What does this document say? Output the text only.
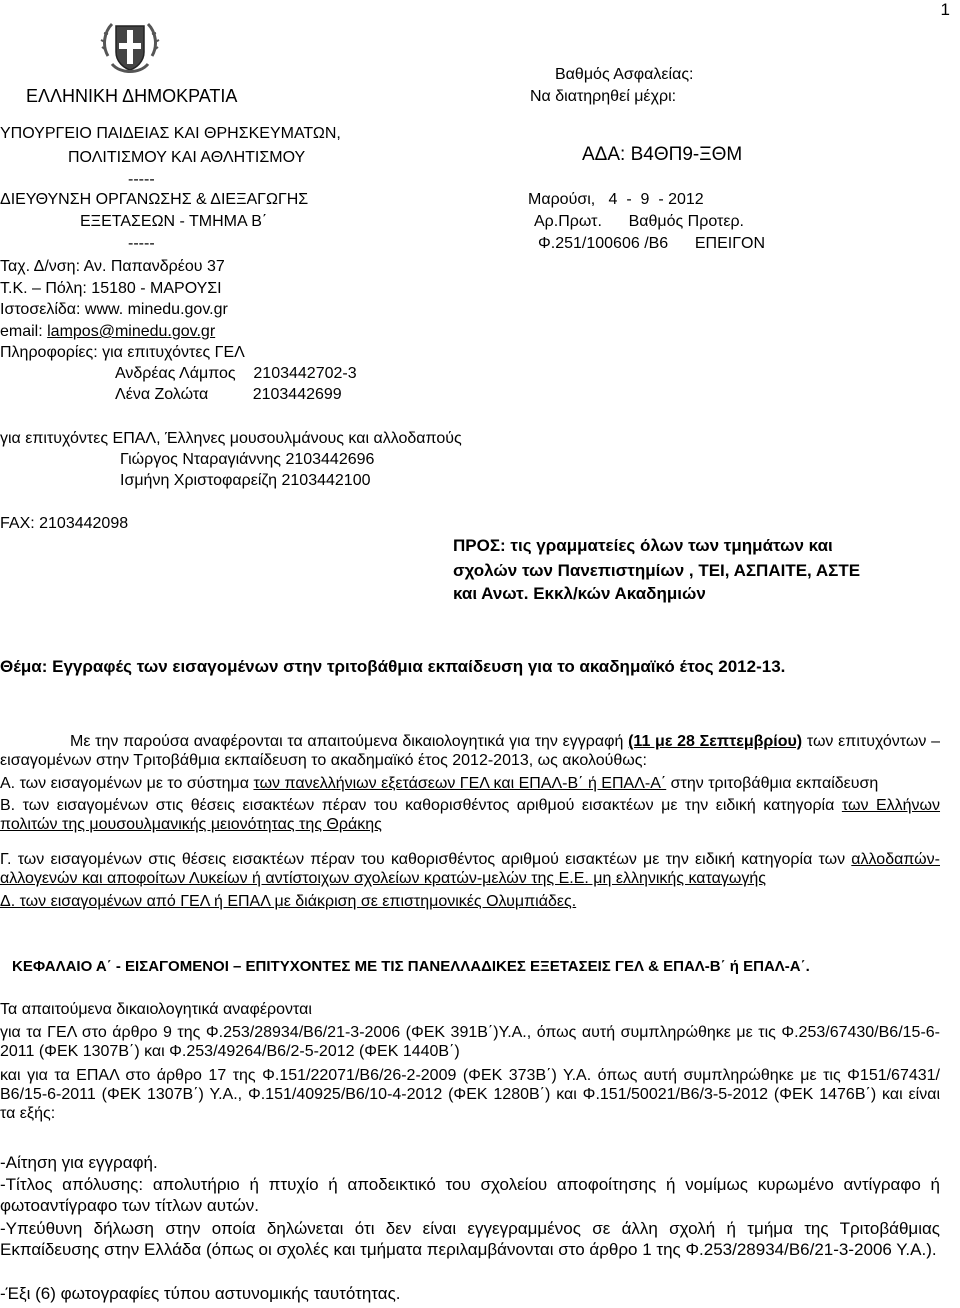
1
ΕΛΛΗΝΙΚΗ ΔΗΜΟΚΡΑΤΙΑ
ΥΠΟΥΡΓΕΙΟ ΠΑΙΔΕΙΑΣ ΚΑΙ ΘΡΗΣΚΕΥΜΑΤΩΝ,
ΠΟΛΙΤΙΣΜΟΥ ΚΑΙ ΑΘΛΗΤΙΣΜΟΥ
-----
ΔΙΕΥΘΥΝΣΗ ΟΡΓΑΝΩΣΗΣ & ΔΙΕΞΑΓΩΓΗΣ
ΕΞΕΤΑΣΕΩΝ - ΤΜΗΜΑ Β΄
-----
Ταχ. Δ/νση: Αν. Παπανδρέου 37
Τ.Κ. – Πόλη: 15180 - ΜΑΡΟΥΣΙ
Ιστοσελίδα: www. minedu.gov.gr
email: lampos@minedu.gov.gr
Πληροφορίες: για επιτυχόντες ΓΕΛ
Ανδρέας Λάμπος    2103442702-3
Λένα Ζολώτα          2103442699
για επιτυχόντες ΕΠΑΛ, Έλληνες μουσουλμάνους και αλλοδαπούς
Γιώργος Νταραγιάννης 2103442696
Ισμήνη Χριστοφαρείζη 2103442100
FAX: 2103442098
Βαθμός Ασφαλείας:
Να διατηρηθεί μέχρι:
ΑΔΑ: Β4ΘΠ9-ΞΘΜ
Μαρούσι,   4  -  9  - 2012
Αρ.Πρωτ.      Βαθμός Προτερ.
Φ.251/100606 /Β6      ΕΠΕΙΓΟΝ
ΠΡΟΣ: τις γραμματείες όλων των τμημάτων και
σχολών των Πανεπιστημίων , ΤΕΙ, ΑΣΠΑΙΤΕ, ΑΣΤΕ
και Ανωτ. Εκκλ/κών Ακαδημιών
Θέμα: Εγγραφές των εισαγομένων στην τριτοβάθμια εκπαίδευση για το ακαδημαϊκό έτος 2012-13.

Με την παρούσα αναφέρονται τα απαιτούμενα δικαιολογητικά για την εγγραφή (11 με 28 Σεπτεμβρίου) των επιτυχόντων – εισαγομένων στην Τριτοβάθμια εκπαίδευση το ακαδημαϊκό έτος 2012-2013, ως ακολούθως:

Α. των εισαγομένων με το σύστημα των πανελλήνιων εξετάσεων ΓΕΛ και ΕΠΑΛ-Β΄ ή ΕΠΑΛ-Α΄ στην τριτοβάθμια εκπαίδευση
Β. των εισαγομένων στις θέσεις εισακτέων πέραν του καθορισθέντος αριθμού εισακτέων με την ειδική κατηγορία των Ελλήνων πολιτών της μουσουλμανικής μειονότητας της Θράκης
Γ. των εισαγομένων στις θέσεις εισακτέων πέραν του καθορισθέντος αριθμού εισακτέων με την ειδική κατηγορία των αλλοδαπών-αλλογενών και αποφοίτων Λυκείων ή αντίστοιχων σχολείων κρατών-μελών της Ε.Ε. μη ελληνικής καταγωγής
Δ. των εισαγομένων από ΓΕΛ ή ΕΠΑΛ με διάκριση σε επιστημονικές Ολυμπιάδες.
ΚΕΦΑΛΑΙΟ Α΄ - ΕΙΣΑΓΟΜΕΝΟΙ – ΕΠΙΤΥΧΟΝΤΕΣ ΜΕ ΤΙΣ ΠΑΝΕΛΛΑΔΙΚΕΣ ΕΞΕΤΑΣΕΙΣ ΓΕΛ & ΕΠΑΛ-Β΄ ή ΕΠΑΛ-Α΄.
Τα απαιτούμενα δικαιολογητικά αναφέρονται
για τα ΓΕΛ στο άρθρο 9 της Φ.253/28934/Β6/21-3-2006 (ΦΕΚ 391Β΄)Υ.Α., όπως αυτή συμπληρώθηκε με τις Φ.253/67430/Β6/15-6-2011 (ΦΕΚ 1307Β΄) και Φ.253/49264/Β6/2-5-2012 (ΦΕΚ 1440Β΄)
και για τα ΕΠΑΛ στο άρθρο 17 της Φ.151/22071/Β6/26-2-2009 (ΦΕΚ 373Β΄) Υ.Α. όπως αυτή συμπληρώθηκε με τις Φ151/67431/Β6/15-6-2011 (ΦΕΚ 1307Β΄) Υ.Α., Φ.151/40925/Β6/10-4-2012 (ΦΕΚ 1280Β΄) και Φ.151/50021/Β6/3-5-2012 (ΦΕΚ 1476Β΄) και είναι τα εξής:
-Αίτηση για εγγραφή.
-Τίτλος απόλυσης: απολυτήριο ή πτυχίο ή αποδεικτικό του σχολείου αποφοίτησης ή νομίμως κυρωμένο αντίγραφο ή φωτοαντίγραφο των τίτλων αυτών.
-Υπεύθυνη δήλωση στην οποία δηλώνεται ότι δεν είναι εγγεγραμμένος σε άλλη σχολή ή τμήμα της Τριτοβάθμιας Εκπαίδευσης στην Ελλάδα (όπως οι σχολές και τμήματα περιλαμβάνονται στο άρθρο 1 της Φ.253/28934/Β6/21-3-2006 Υ.Α.).
-Έξι (6) φωτογραφίες τύπου αστυνομικής ταυτότητας.
